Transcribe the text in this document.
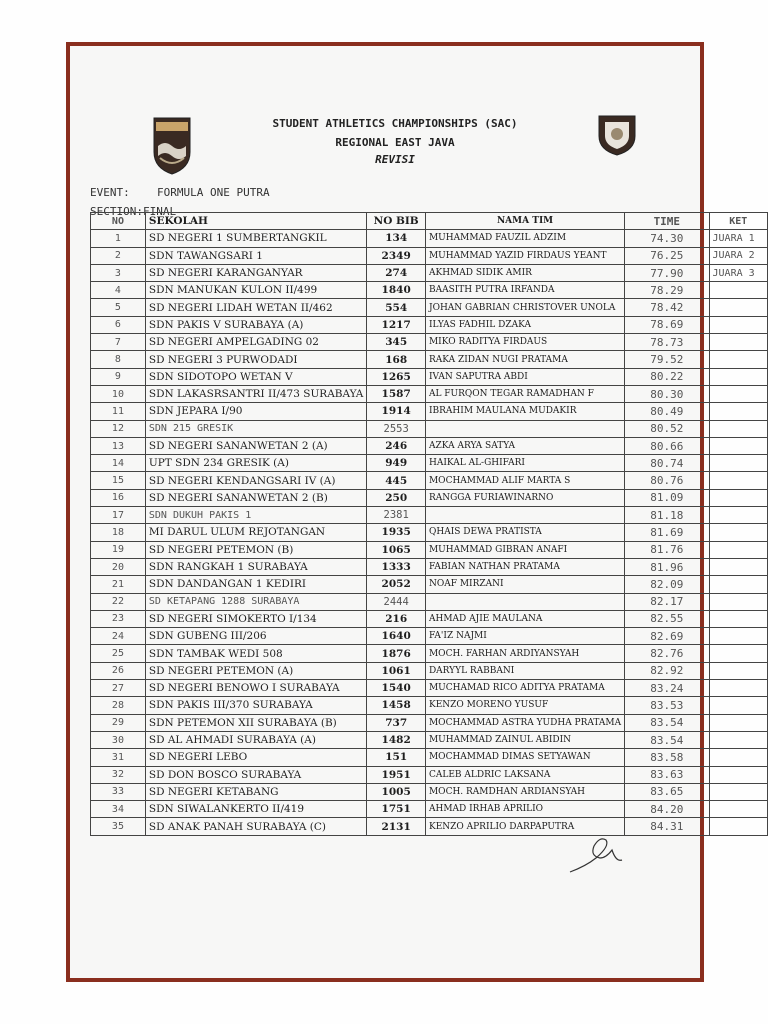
STUDENT ATHLETICS CHAMPIONSHIPS (SAC)
REGIONAL EAST JAVA
REVISI
EVENT: FORMULA ONE PUTRA
SECTION:FINAL
NO	SEKOLAH	NO BIB	NAMA TIM	TIME	KET
1	SD NEGERI 1 SUMBERTANGKIL	134	MUHAMMAD FAUZIL ADZIM	74.30	JUARA 1
2	SDN TAWANGSARI 1	2349	MUHAMMAD YAZID FIRDAUS YEANT	76.25	JUARA 2
3	SD NEGERI KARANGANYAR	274	AKHMAD SIDIK AMIR	77.90	JUARA 3
4	SDN MANUKAN KULON II/499	1840	BAASITH PUTRA IRFANDA	78.29	
5	SD NEGERI LIDAH WETAN II/462	554	JOHAN GABRIAN CHRISTOVER UNOLA	78.42	
6	SDN PAKIS V SURABAYA (A)	1217	ILYAS FADHIL DZAKA	78.69	
7	SD NEGERI AMPELGADING 02	345	MIKO RADITYA FIRDAUS	78.73	
8	SD NEGERI 3 PURWODADI	168	RAKA ZIDAN NUGI PRATAMA	79.52	
9	SDN SIDOTOPO WETAN V	1265	IVAN SAPUTRA ABDI	80.22	
10	SDN LAKASRSANTRI II/473 SURABAYA	1587	AL FURQON TEGAR RAMADHAN F	80.30	
11	SDN JEPARA I/90	1914	IBRAHIM MAULANA MUDAKIR	80.49	
12	SDN 215 GRESIK	2553		80.52	
13	SD NEGERI SANANWETAN 2 (A)	246	AZKA ARYA SATYA	80.66	
14	UPT SDN 234 GRESIK (A)	949	HAIKAL AL-GHIFARI	80.74	
15	SD NEGERI KENDANGSARI IV (A)	445	MOCHAMMAD ALIF MARTA S	80.76	
16	SD NEGERI SANANWETAN 2 (B)	250	RANGGA FURIAWINARNO	81.09	
17	SDN DUKUH PAKIS 1	2381		81.18	
18	MI DARUL ULUM REJOTANGAN	1935	QHAIS DEWA PRATISTA	81.69	
19	SD NEGERI PETEMON (B)	1065	MUHAMMAD GIBRAN ANAFI	81.76	
20	SDN RANGKAH 1 SURABAYA	1333	FABIAN NATHAN PRATAMA	81.96	
21	SDN DANDANGAN 1 KEDIRI	2052	NOAF MIRZANI	82.09	
22	SD KETAPANG 1288 SURABAYA	2444		82.17	
23	SD NEGERI SIMOKERTO I/134	216	AHMAD AJIE MAULANA	82.55	
24	SDN GUBENG III/206	1640	FA'IZ NAJMI	82.69	
25	SDN TAMBAK WEDI 508	1876	MOCH. FARHAN ARDIYANSYAH	82.76	
26	SD NEGERI PETEMON (A)	1061	DARYYL RABBANI	82.92	
27	SD NEGERI BENOWO I SURABAYA	1540	MUCHAMAD RICO ADITYA PRATAMA	83.24	
28	SDN PAKIS III/370 SURABAYA	1458	KENZO MORENO YUSUF	83.53	
29	SDN PETEMON XII SURABAYA (B)	737	MOCHAMMAD ASTRA YUDHA PRATAMA	83.54	
30	SD AL AHMADI SURABAYA (A)	1482	MUHAMMAD ZAINUL ABIDIN	83.54	
31	SD NEGERI LEBO	151	MOCHAMMAD DIMAS SETYAWAN	83.58	
32	SD DON BOSCO SURABAYA	1951	CALEB ALDRIC LAKSANA	83.63	
33	SD NEGERI KETABANG	1005	MOCH. RAMDHAN ARDIANSYAH	83.65	
34	SDN SIWALANKERTO II/419	1751	AHMAD IRHAB APRILIO	84.20	
35	SD ANAK PANAH SURABAYA (C)	2131	KENZO APRILIO DARPAPUTRA	84.31	
